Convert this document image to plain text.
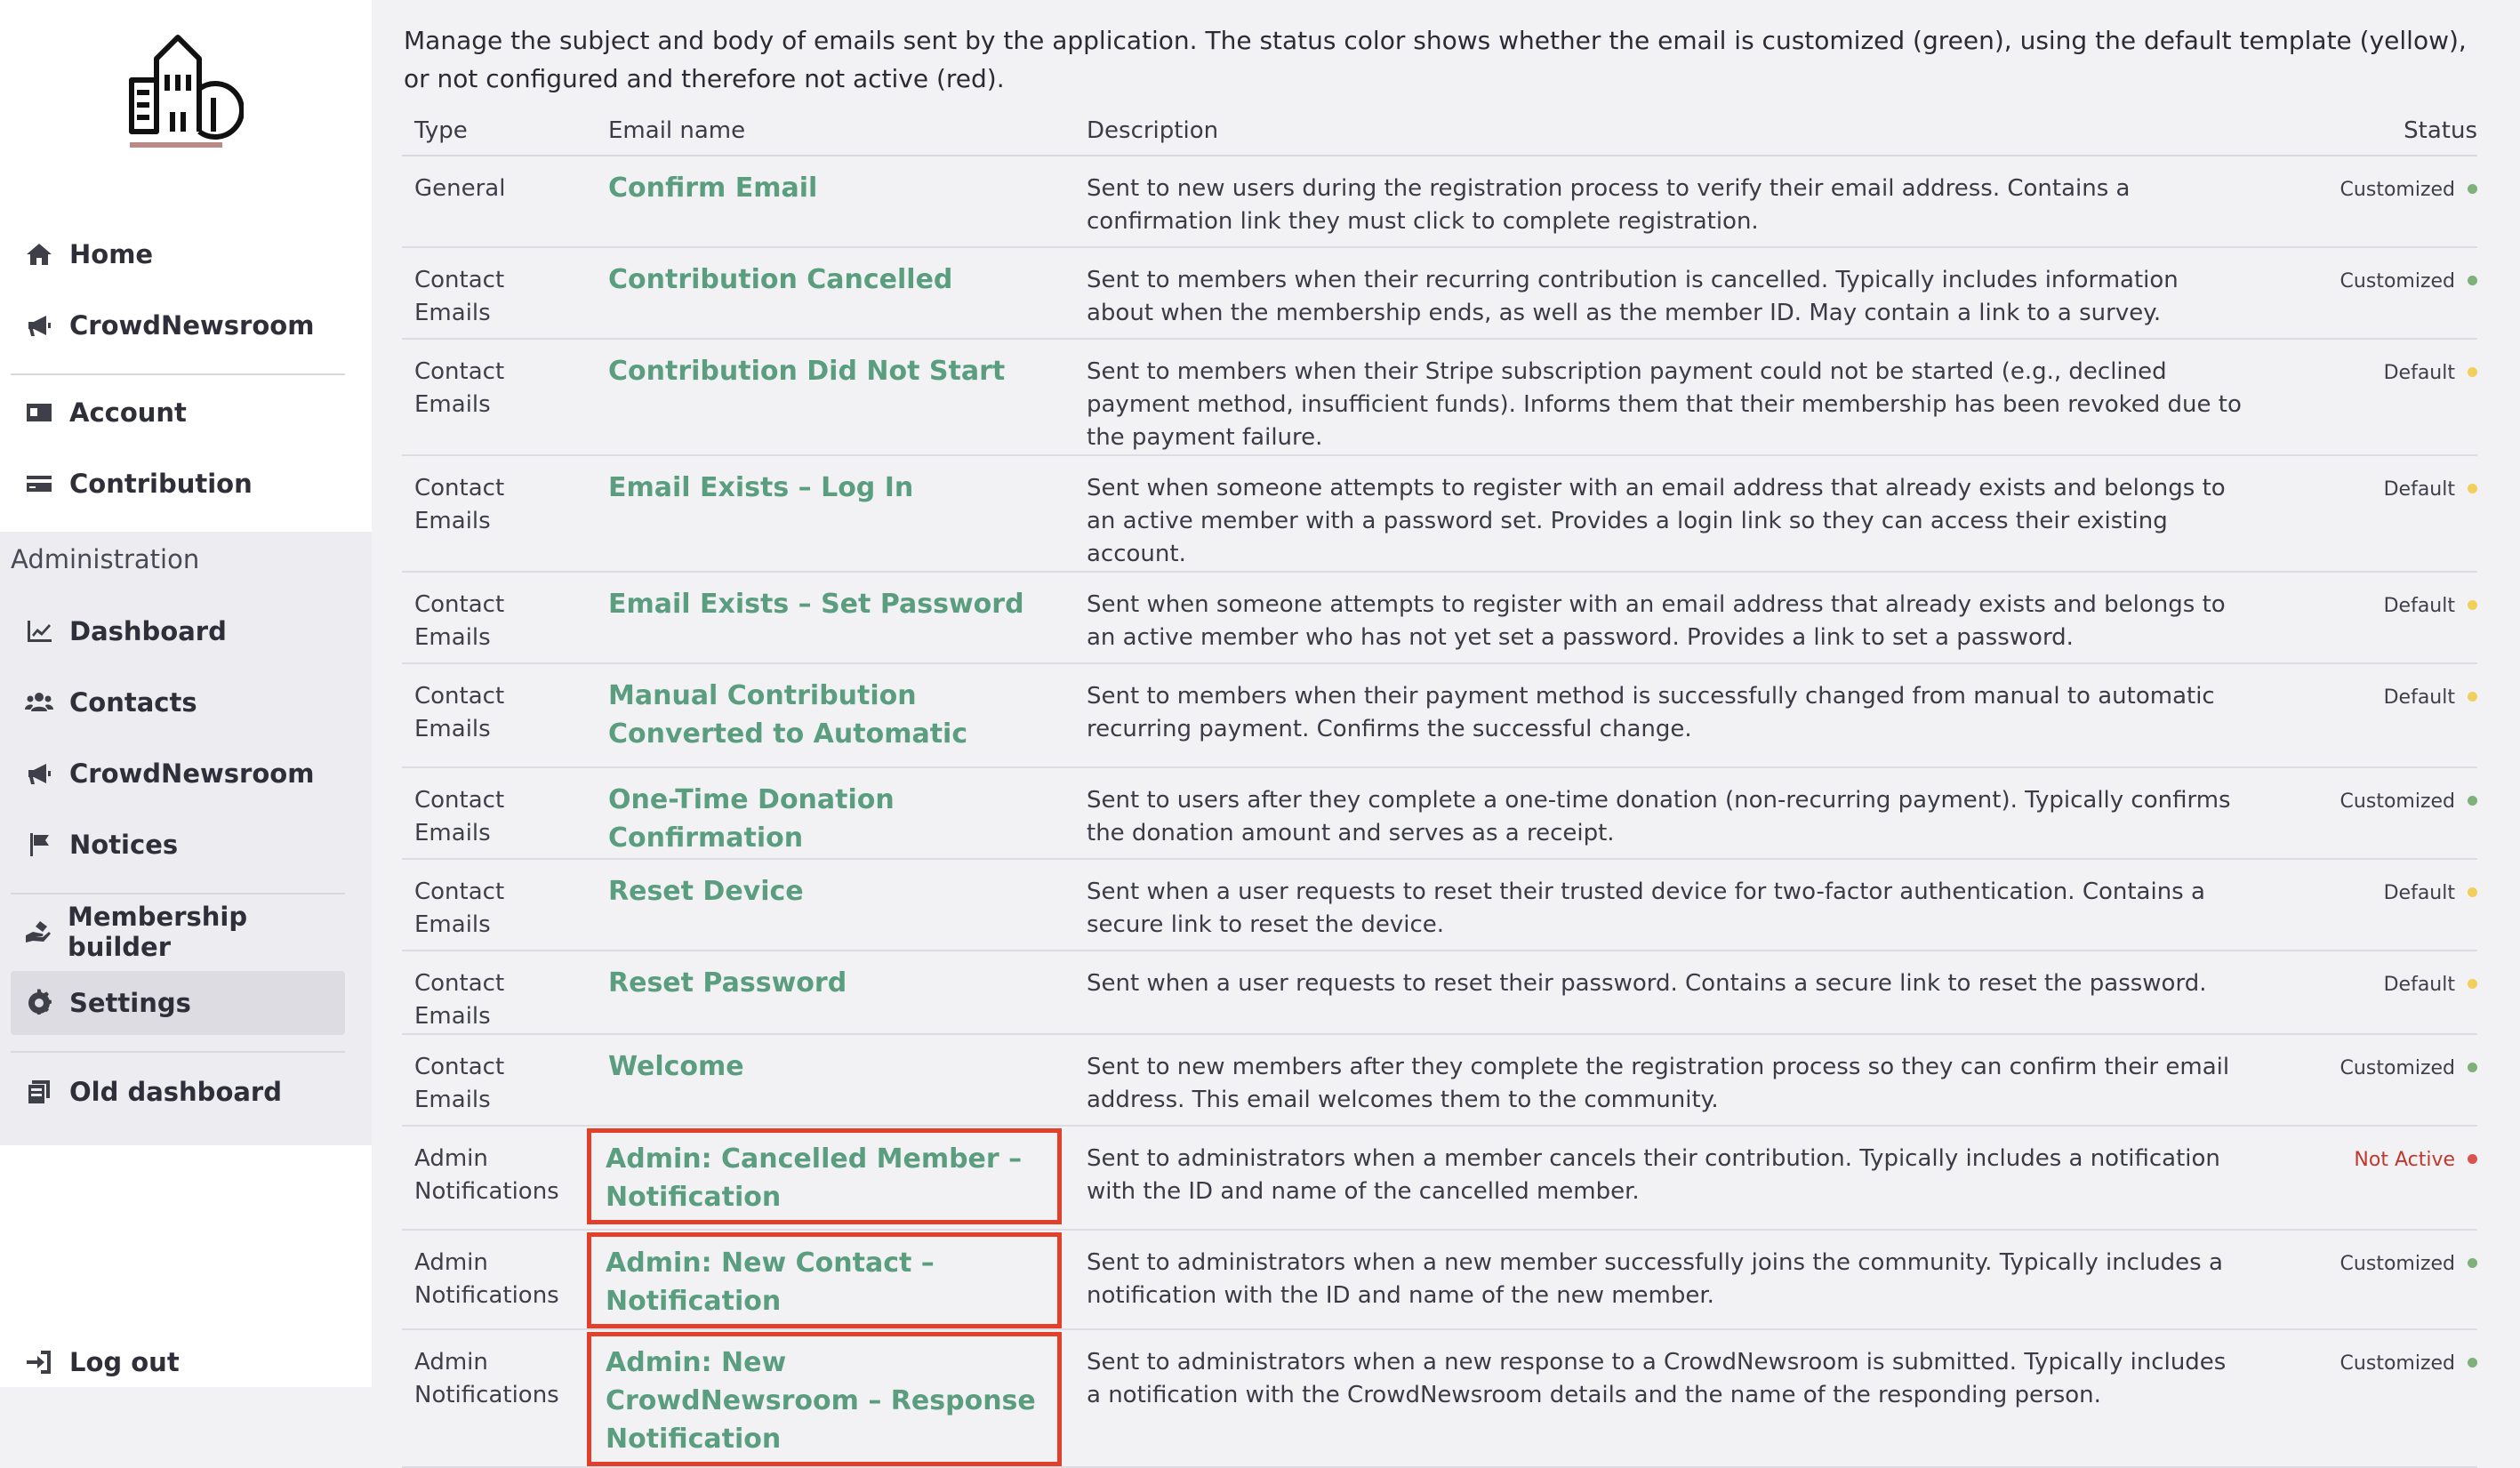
Home
CrowdNewsroom
Account
Contribution
Administration
Dashboard
Contacts
CrowdNewsroom
Notices
Membership builder
Settings
Old dashboard
Log out
Manage the subject and body of emails sent by the application. The status color shows whether the email is customized (green), using the default template (yellow), or not configured and therefore not active (red).
Type	Email name	Description	Status
General	Confirm Email	Sent to new users during the registration process to verify their email address. Contains a confirmation link they must click to complete registration.	Customized
Contact Emails	Contribution Cancelled	Sent to members when their recurring contribution is cancelled. Typically includes information about when the membership ends, as well as the member ID. May contain a link to a survey.	Customized
Contact Emails	Contribution Did Not Start	Sent to members when their Stripe subscription payment could not be started (e.g., declined payment method, insufficient funds). Informs them that their membership has been revoked due to the payment failure.	Default
Contact Emails	Email Exists – Log In	Sent when someone attempts to register with an email address that already exists and belongs to an active member with a password set. Provides a login link so they can access their existing account.	Default
Contact Emails	Email Exists – Set Password	Sent when someone attempts to register with an email address that already exists and belongs to an active member who has not yet set a password. Provides a link to set a password.	Default
Contact Emails	Manual Contribution Converted to Automatic	Sent to members when their payment method is successfully changed from manual to automatic recurring payment. Confirms the successful change.	Default
Contact Emails	One-Time Donation Confirmation	Sent to users after they complete a one-time donation (non-recurring payment). Typically confirms the donation amount and serves as a receipt.	Customized
Contact Emails	Reset Device	Sent when a user requests to reset their trusted device for two-factor authentication. Contains a secure link to reset the device.	Default
Contact Emails	Reset Password	Sent when a user requests to reset their password. Contains a secure link to reset the password.	Default
Contact Emails	Welcome	Sent to new members after they complete the registration process so they can confirm their email address. This email welcomes them to the community.	Customized
Admin Notifications	Admin: Cancelled Member – Notification	Sent to administrators when a member cancels their contribution. Typically includes a notification with the ID and name of the cancelled member.	Not Active
Admin Notifications	Admin: New Contact – Notification	Sent to administrators when a new member successfully joins the community. Typically includes a notification with the ID and name of the new member.	Customized
Admin Notifications	Admin: New CrowdNewsroom – Response Notification	Sent to administrators when a new response to a CrowdNewsroom is submitted. Typically includes a notification with the CrowdNewsroom details and the name of the responding person.	Customized
